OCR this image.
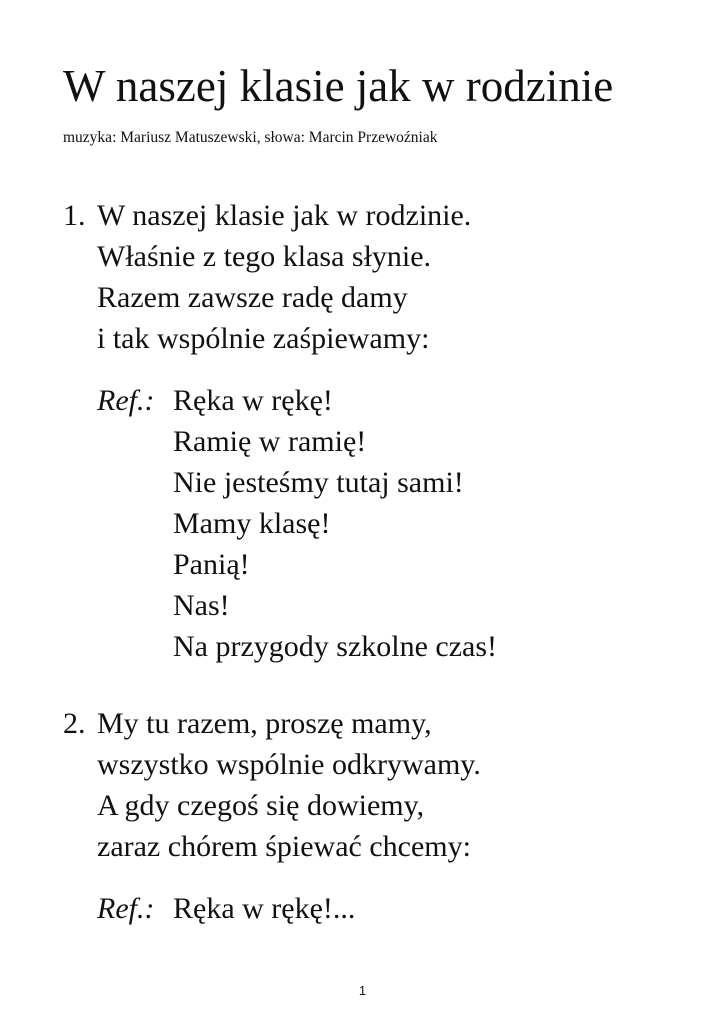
W naszej klasie jak w rodzinie
muzyka: Mariusz Matuszewski, słowa: Marcin Przewoźniak
1. W naszej klasie jak w rodzinie.
Właśnie z tego klasa słynie.
Razem zawsze radę damy
i tak wspólnie zaśpiewamy:
Ref.: Ręka w rękę!
Ramię w ramię!
Nie jesteśmy tutaj sami!
Mamy klasę!
Panią!
Nas!
Na przygody szkolne czas!
2. My tu razem, proszę mamy,
wszystko wspólnie odkrywamy.
A gdy czegoś się dowiemy,
zaraz chórem śpiewać chcemy:
Ref.: Ręka w rękę!...
1
